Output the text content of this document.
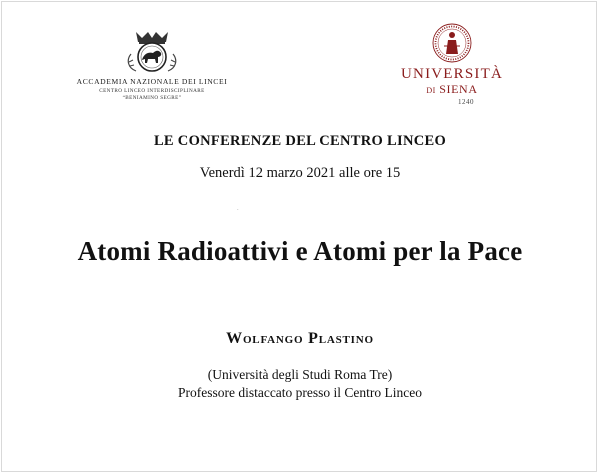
ACCADEMIA NAZIONALE DEI LINCEI
CENTRO LINCEO INTERDISCIPLINARE
“BENIAMINO SEGRE”
UNIVERSITÀ
DI SIENA
1240
LE CONFERENZE DEL CENTRO LINCEO
Venerdì 12 marzo 2021 alle ore 15
`
Atomi Radioattivi e Atomi per la Pace
Wolfango Plastino
(Università degli Studi Roma Tre)
Professore distaccato presso il Centro Linceo
